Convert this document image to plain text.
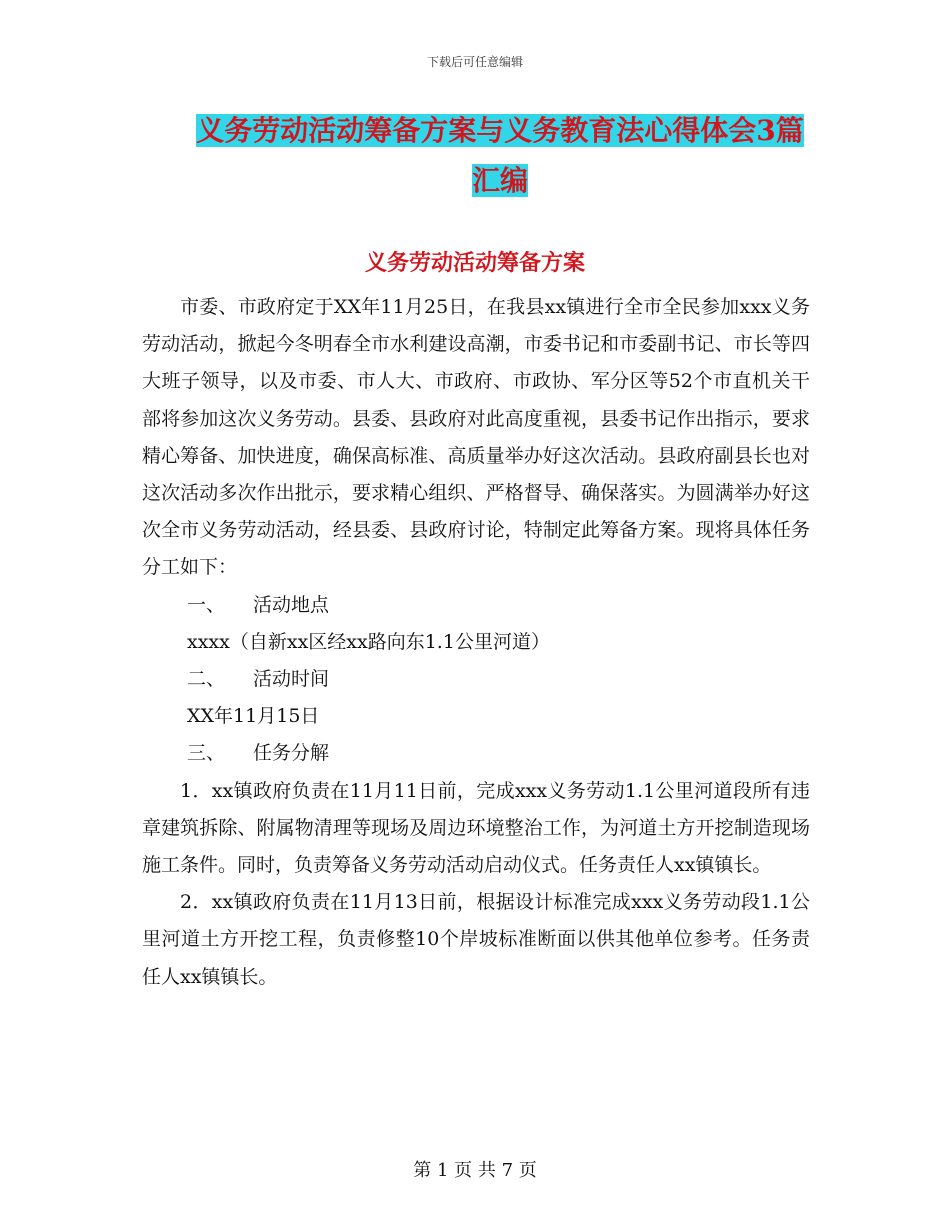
下载后可任意编辑
义务劳动活动筹备方案与义务教育法心得体会3篇汇编
义务劳动活动筹备方案

市委、市政府定于XX年11月25日，在我县xx镇进行全市全民参加xxx义务劳动活动，掀起今冬明春全市水利建设高潮，市委书记和市委副书记、市长等四大班子领导，以及市委、市人大、市政府、市政协、军分区等52个市直机关干部将参加这次义务劳动。县委、县政府对此高度重视，县委书记作出指示，要求精心筹备、加快进度，确保高标准、高质量举办好这次活动。县政府副县长也对这次活动多次作出批示，要求精心组织、严格督导、确保落实。为圆满举办好这次全市义务劳动活动，经县委、县政府讨论，特制定此筹备方案。现将具体任务分工如下：

一、 活动地点
xxxx（自新xx区经xx路向东1.1公里河道）
二、 活动时间
XX年11月15日
三、 任务分解

1．xx镇政府负责在11月11日前，完成xxx义务劳动1.1公里河道段所有违章建筑拆除、附属物清理等现场及周边环境整治工作，为河道土方开挖制造现场施工条件。同时，负责筹备义务劳动活动启动仪式。任务责任人xx镇镇长。

2．xx镇政府负责在11月13日前，根据设计标准完成xxx义务劳动段1.1公里河道土方开挖工程，负责修整10个岸坡标准断面以供其他单位参考。任务责任人xx镇镇长。

第 1 页 共 7 页
